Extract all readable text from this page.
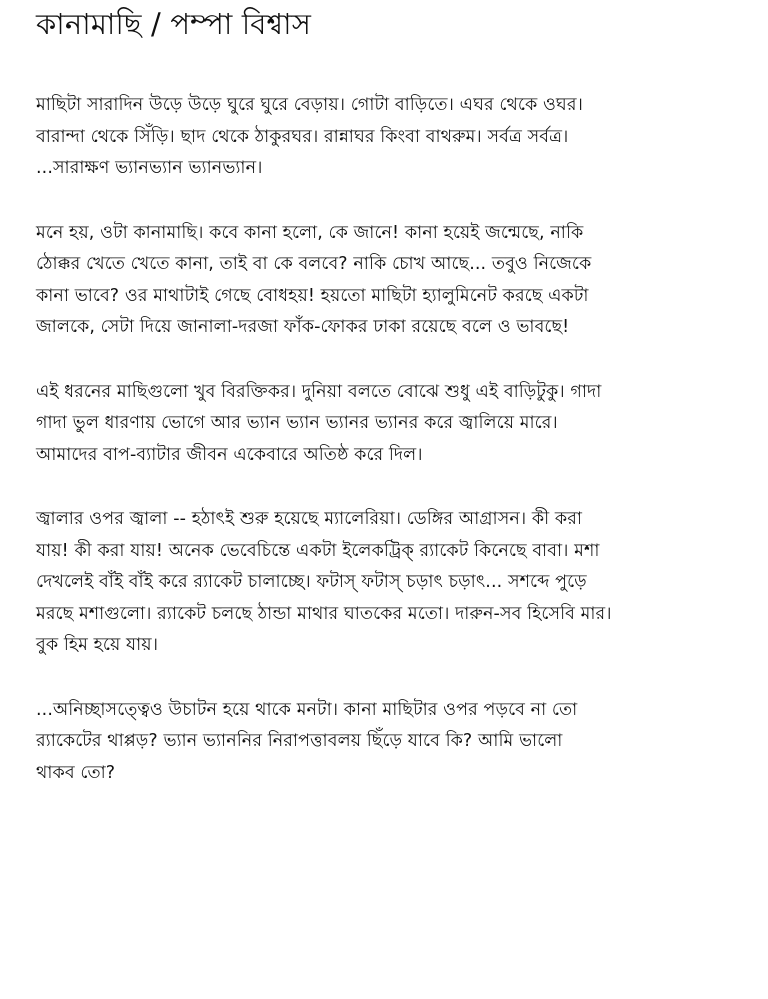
কানামাছি / পম্পা বিশ্বাস

মাছিটা সারাদিন উড়ে উড়ে ঘুরে ঘুরে বেড়ায়। গোটা বাড়িতে। এঘর থেকে ওঘর।
বারান্দা থেকে সিঁড়ি। ছাদ থেকে ঠাকুরঘর। রান্নাঘর কিংবা বাথরুম। সর্বত্র সর্বত্র।
...সারাক্ষণ ভ্যানভ্যান ভ্যানভ্যান।

মনে হয়, ওটা কানামাছি। কবে কানা হলো, কে জানে! কানা হয়েই জন্মেছে, নাকি
ঠোক্কর খেতে খেতে কানা, তাই বা কে বলবে? নাকি চোখ আছে... তবুও নিজেকে
কানা ভাবে? ওর মাথাটাই গেছে বোধহয়! হয়তো মাছিটা হ্যালুমিনেট করছে একটা
জালকে, সেটা দিয়ে জানালা-দরজা ফাঁক-ফোকর ঢাকা রয়েছে বলে ও ভাবছে!

এই ধরনের মাছিগুলো খুব বিরক্তিকর। দুনিয়া বলতে বোঝে শুধু এই বাড়িটুকু। গাদা
গাদা ভুল ধারণায় ভোগে আর ভ্যান ভ্যান ভ্যানর ভ্যানর করে জ্বালিয়ে মারে।
আমাদের বাপ-ব্যাটার জীবন একেবারে অতিষ্ঠ করে দিল।

জ্বালার ওপর জ্বালা -- হঠাৎই শুরু হয়েছে ম্যালেরিয়া। ডেঙ্গির আগ্রাসন। কী করা
যায়! কী করা যায়! অনেক ভেবেচিন্তে একটা ইলেকট্রিক্ র‍্যাকেট কিনেছে বাবা। মশা
দেখলেই বাঁই বাঁই করে র‍্যাকেট চালাচ্ছে। ফটাস্ ফটাস্ চড়াৎ চড়াৎ... সশব্দে পুড়ে
মরছে মশাগুলো। র‍্যাকেট চলছে ঠান্ডা মাথার ঘাতকের মতো। দারুন-সব হিসেবি মার।
বুক হিম হয়ে যায়।

...অনিচ্ছাসত্ত্বেও উচাটন হয়ে থাকে মনটা। কানা মাছিটার ওপর পড়বে না তো
র‍্যাকেটের থাপ্পড়? ভ্যান ভ্যাননির নিরাপত্তাবলয় ছিঁড়ে যাবে কি? আমি ভালো
থাকব তো?
